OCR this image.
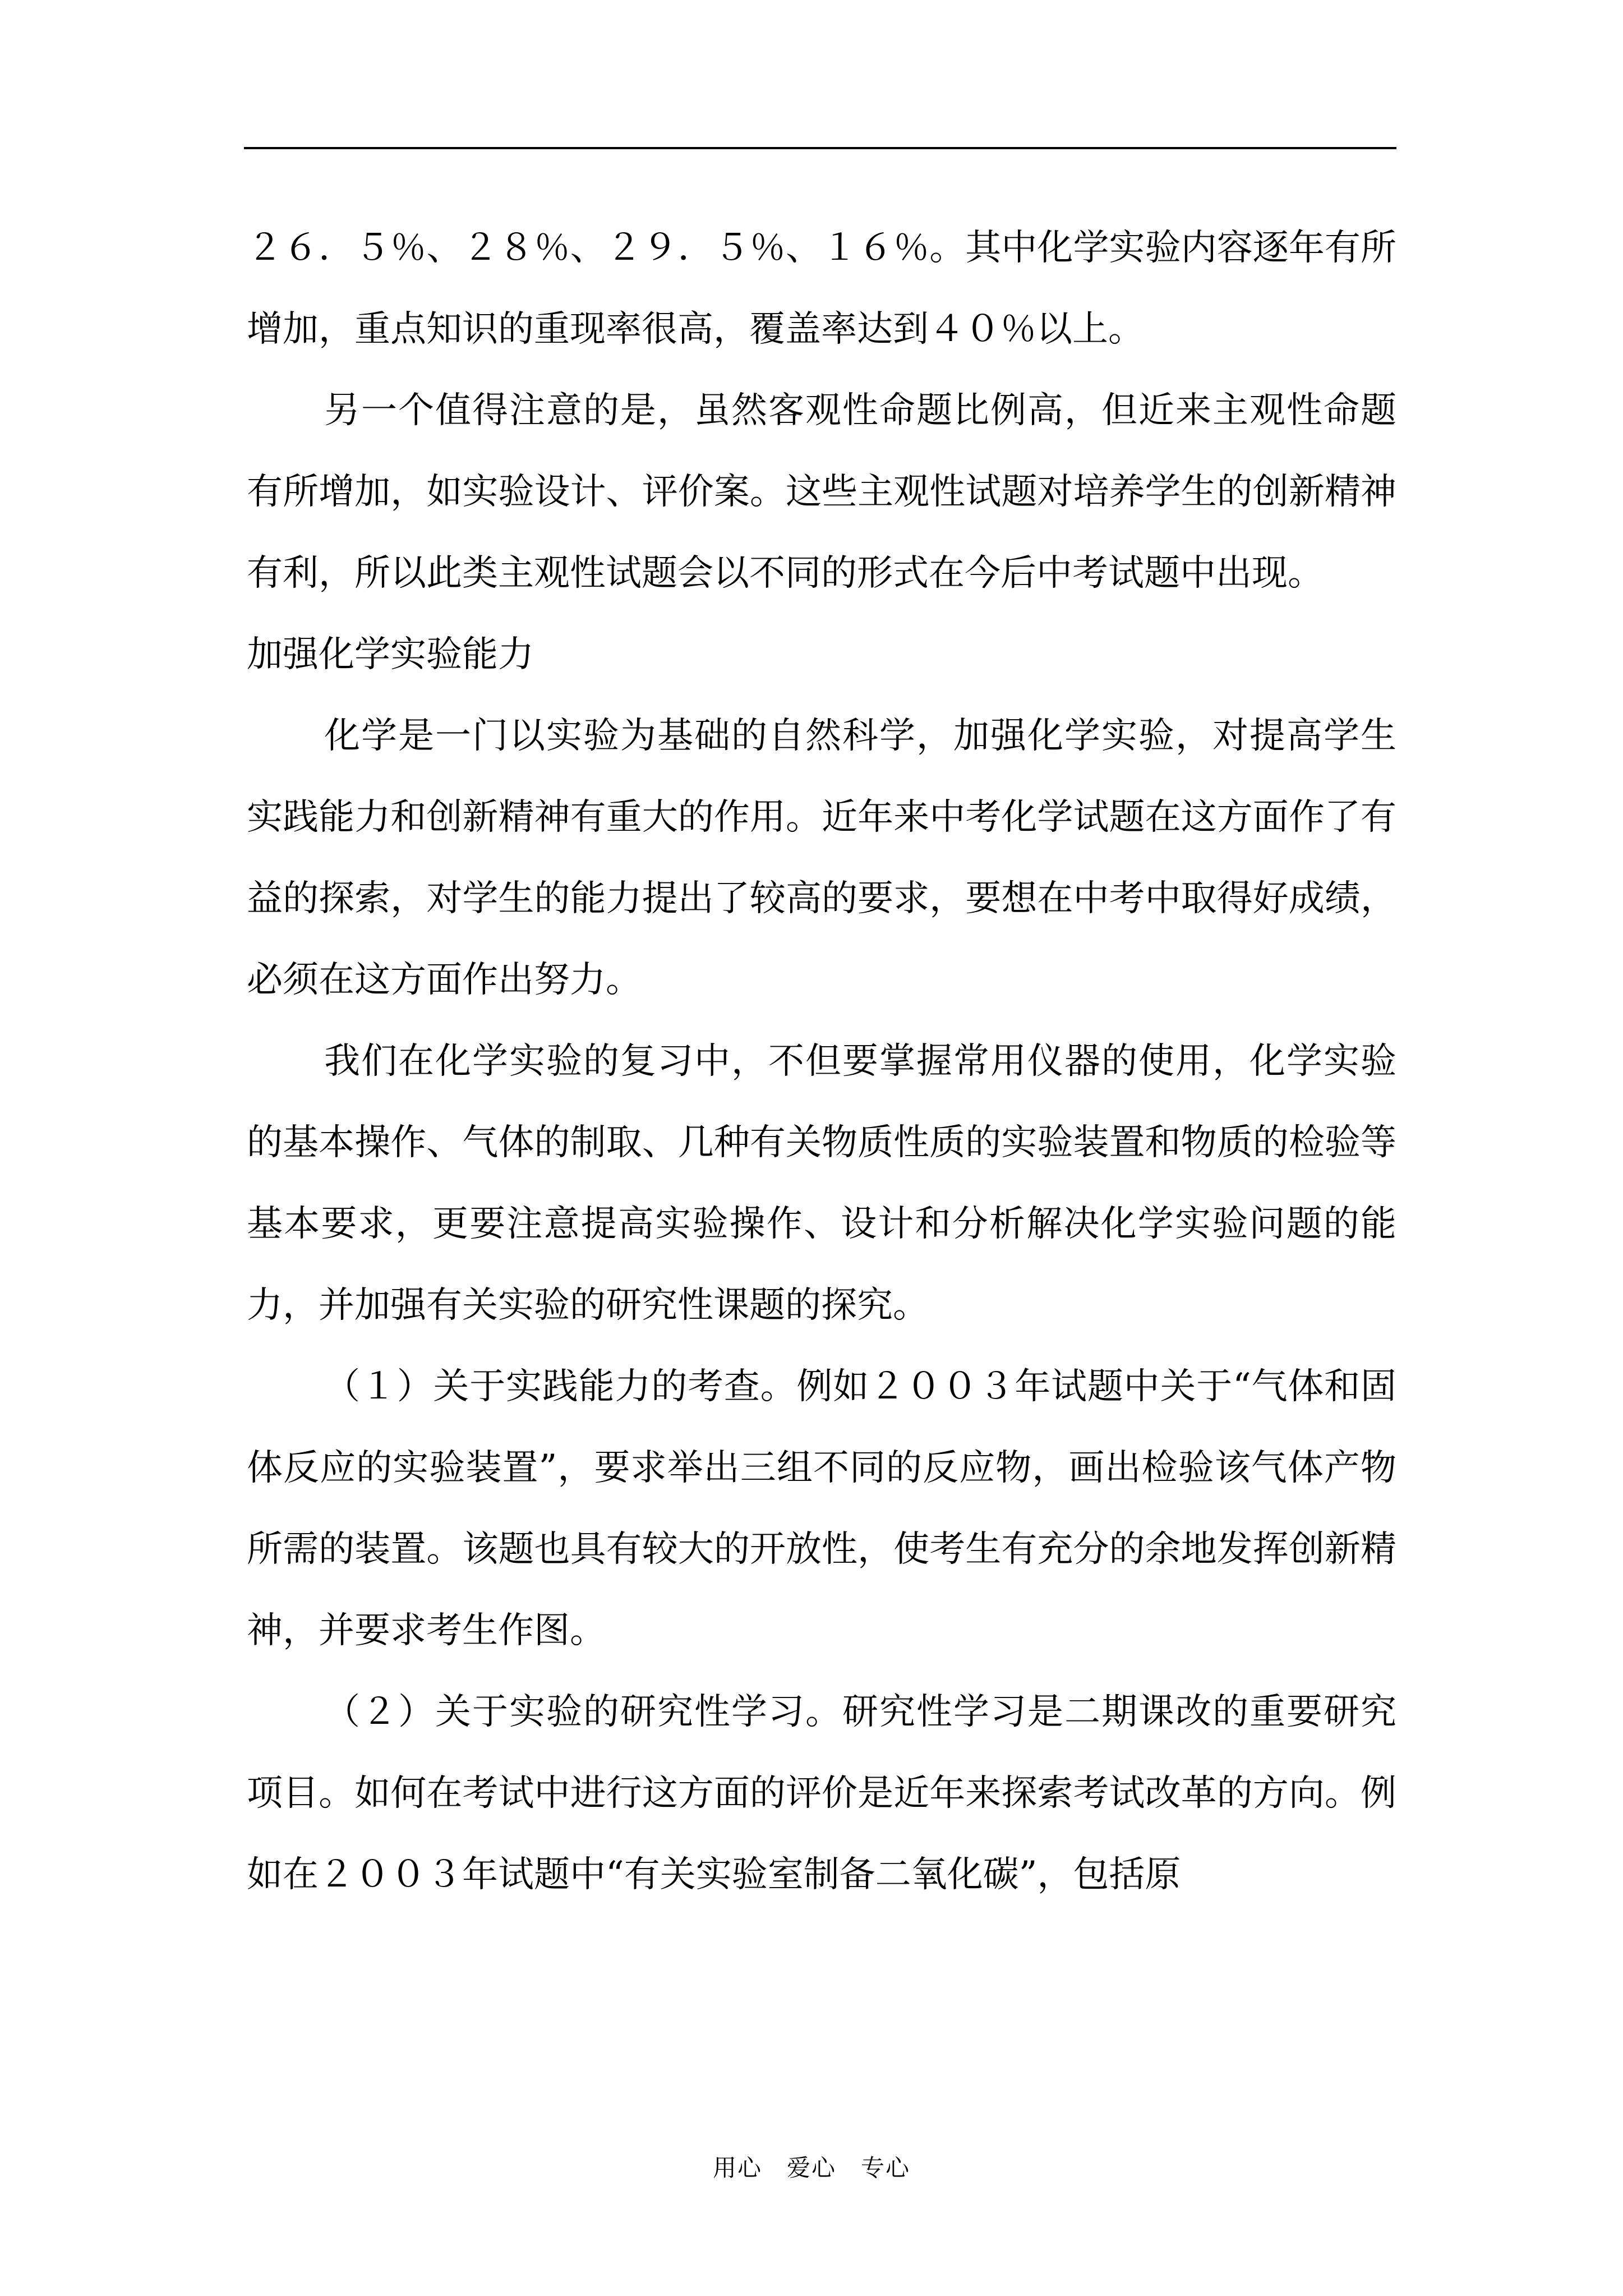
２６．５％、２８％、２９．５％、１６％。其中化学实验内容逐年有所增加，重点知识的重现率很高，覆盖率达到４０％以上。

另一个值得注意的是，虽然客观性命题比例高，但近来主观性命题有所增加，如实验设计、评价案。这些主观性试题对培养学生的创新精神有利，所以此类主观性试题会以不同的形式在今后中考试题中出现。

加强化学实验能力

化学是一门以实验为基础的自然科学，加强化学实验，对提高学生实践能力和创新精神有重大的作用。近年来中考化学试题在这方面作了有益的探索，对学生的能力提出了较高的要求，要想在中考中取得好成绩，必须在这方面作出努力。

我们在化学实验的复习中，不但要掌握常用仪器的使用，化学实验的基本操作、气体的制取、几种有关物质性质的实验装置和物质的检验等基本要求，更要注意提高实验操作、设计和分析解决化学实验问题的能力，并加强有关实验的研究性课题的探究。

（１）关于实践能力的考查。例如２００３年试题中关于“气体和固体反应的实验装置”，要求举出三组不同的反应物，画出检验该气体产物所需的装置。该题也具有较大的开放性，使考生有充分的余地发挥创新精神，并要求考生作图。

（２）关于实验的研究性学习。研究性学习是二期课改的重要研究项目。如何在考试中进行这方面的评价是近年来探索考试改革的方向。例如在２００３年试题中“有关实验室制备二氧化碳”，包括原

用心　爱心　专心
